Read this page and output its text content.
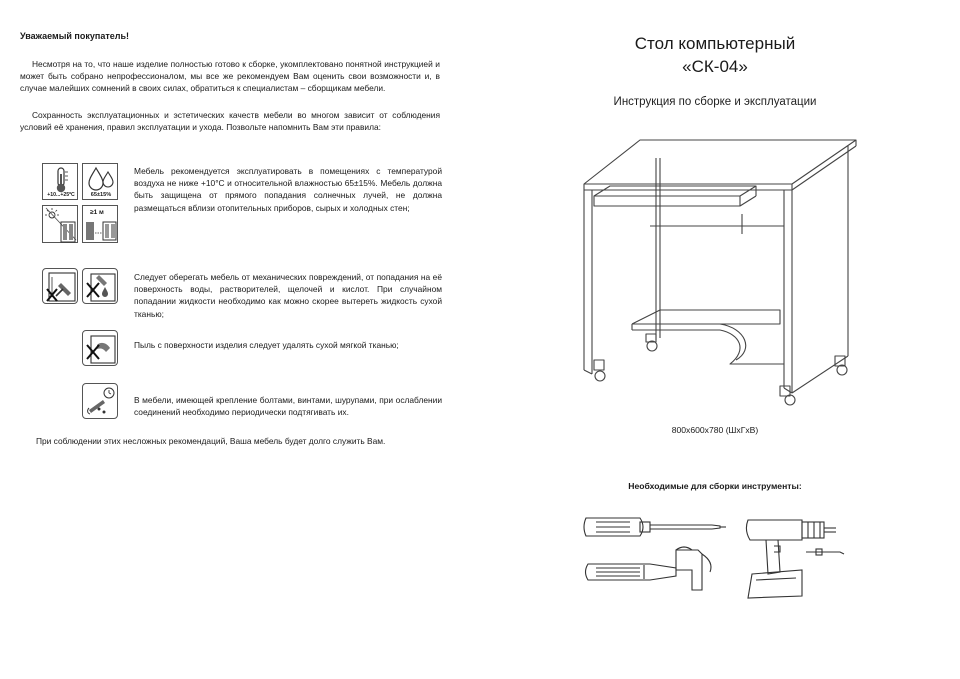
Уважаемый покупатель!

Несмотря на то, что наше изделие полностью готово к сборке, укомплектовано понятной инструкцией и может быть собрано непрофессионалом, мы все же рекомендуем Вам оценить свои возможности и, в случае малейших сомнений в своих силах, обратиться к специалистам – сборщикам мебели.

Сохранность эксплуатационных и эстетических качеств мебели во многом зависит от соблюдения условий её хранения, правил эксплуатации и ухода. Позвольте напомнить Вам эти правила:

+10...+25ºC	65±15%
≥1 м
Мебель рекомендуется эксплуатировать в помещениях с температурой воздуха не ниже +10°С и относительной влажностью 65±15%. Мебель должна быть защищена от прямого попадания солнечных лучей, не должна размещаться вблизи отопительных приборов, сырых и холодных стен;
Следует оберегать мебель от механических повреждений, от попадания на её поверхность воды, растворителей, щелочей и кислот. При случайном попадании жидкости необходимо как можно скорее вытереть жидкость сухой тканью;
Пыль с поверхности изделия следует удалять сухой мягкой тканью;
В мебели, имеющей крепление болтами, винтами, шурупами, при ослаблении соединений необходимо периодически подтягивать их.
При соблюдении этих несложных рекомендаций, Ваша мебель будет долго служить Вам.
Стол компьютерный
«СК-04»
Инструкция по сборке и эксплуатации
800х600х780 (ШхГхВ)
Необходимые для сборки инструменты:
